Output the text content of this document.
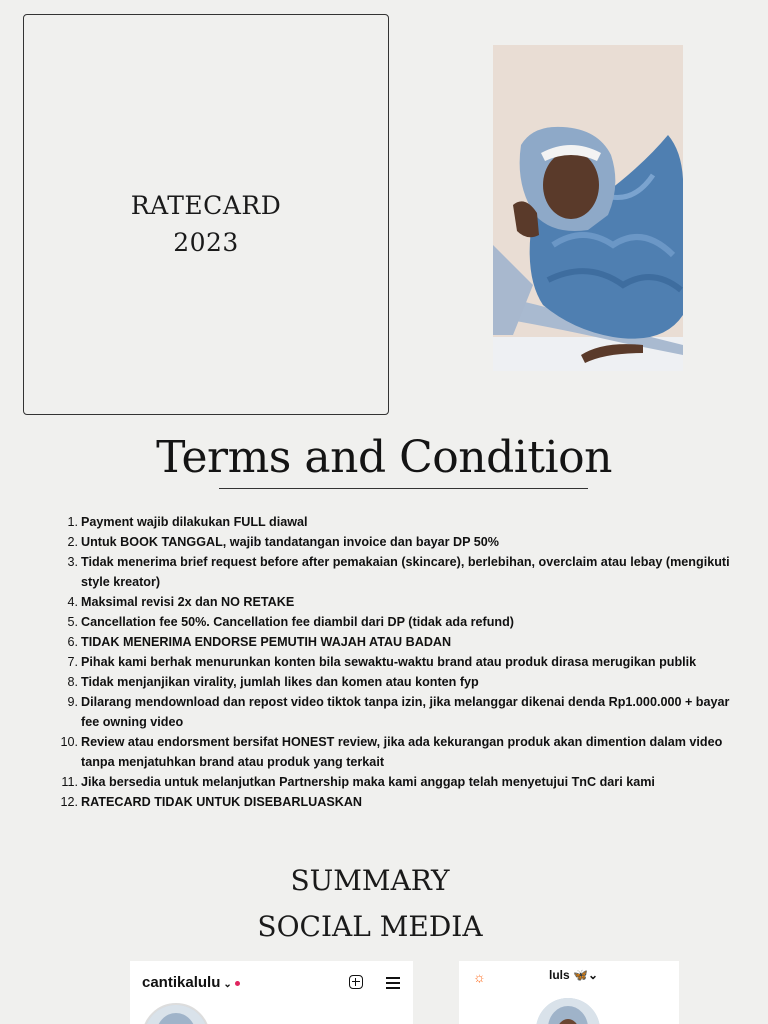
RATECARD
2023
Terms and Condition
1. Payment wajib dilakukan FULL diawal
2. Untuk BOOK TANGGAL, wajib tandatangan invoice dan bayar DP 50%
3. Tidak menerima brief request before after pemakaian (skincare), berlebihan, overclaim atau lebay (mengikuti style kreator)
4. Maksimal revisi 2x dan NO RETAKE
5. Cancellation fee 50%. Cancellation fee diambil dari DP (tidak ada refund)
6. TIDAK MENERIMA ENDORSE PEMUTIH WAJAH ATAU BADAN
7. Pihak kami berhak menurunkan konten bila sewaktu-waktu brand atau produk dirasa merugikan publik
8. Tidak menjanjikan virality, jumlah likes dan komen atau konten fyp
9. Dilarang mendownload dan repost video tiktok tanpa izin, jika melanggar dikenai denda Rp1.000.000 + bayar fee owning video
10. Review atau endorsment bersifat HONEST review, jika ada kekurangan produk akan dimention dalam video tanpa menjatuhkan brand atau produk yang terkait
11. Jika bersedia untuk melanjutkan Partnership maka kami anggap telah menyetujui TnC dari kami
12. RATECARD TIDAK UNTUK DISEBARLUASKAN
SUMMARY
SOCIAL MEDIA
cantikalulu ⌄	☼	luls 🦋⌄
